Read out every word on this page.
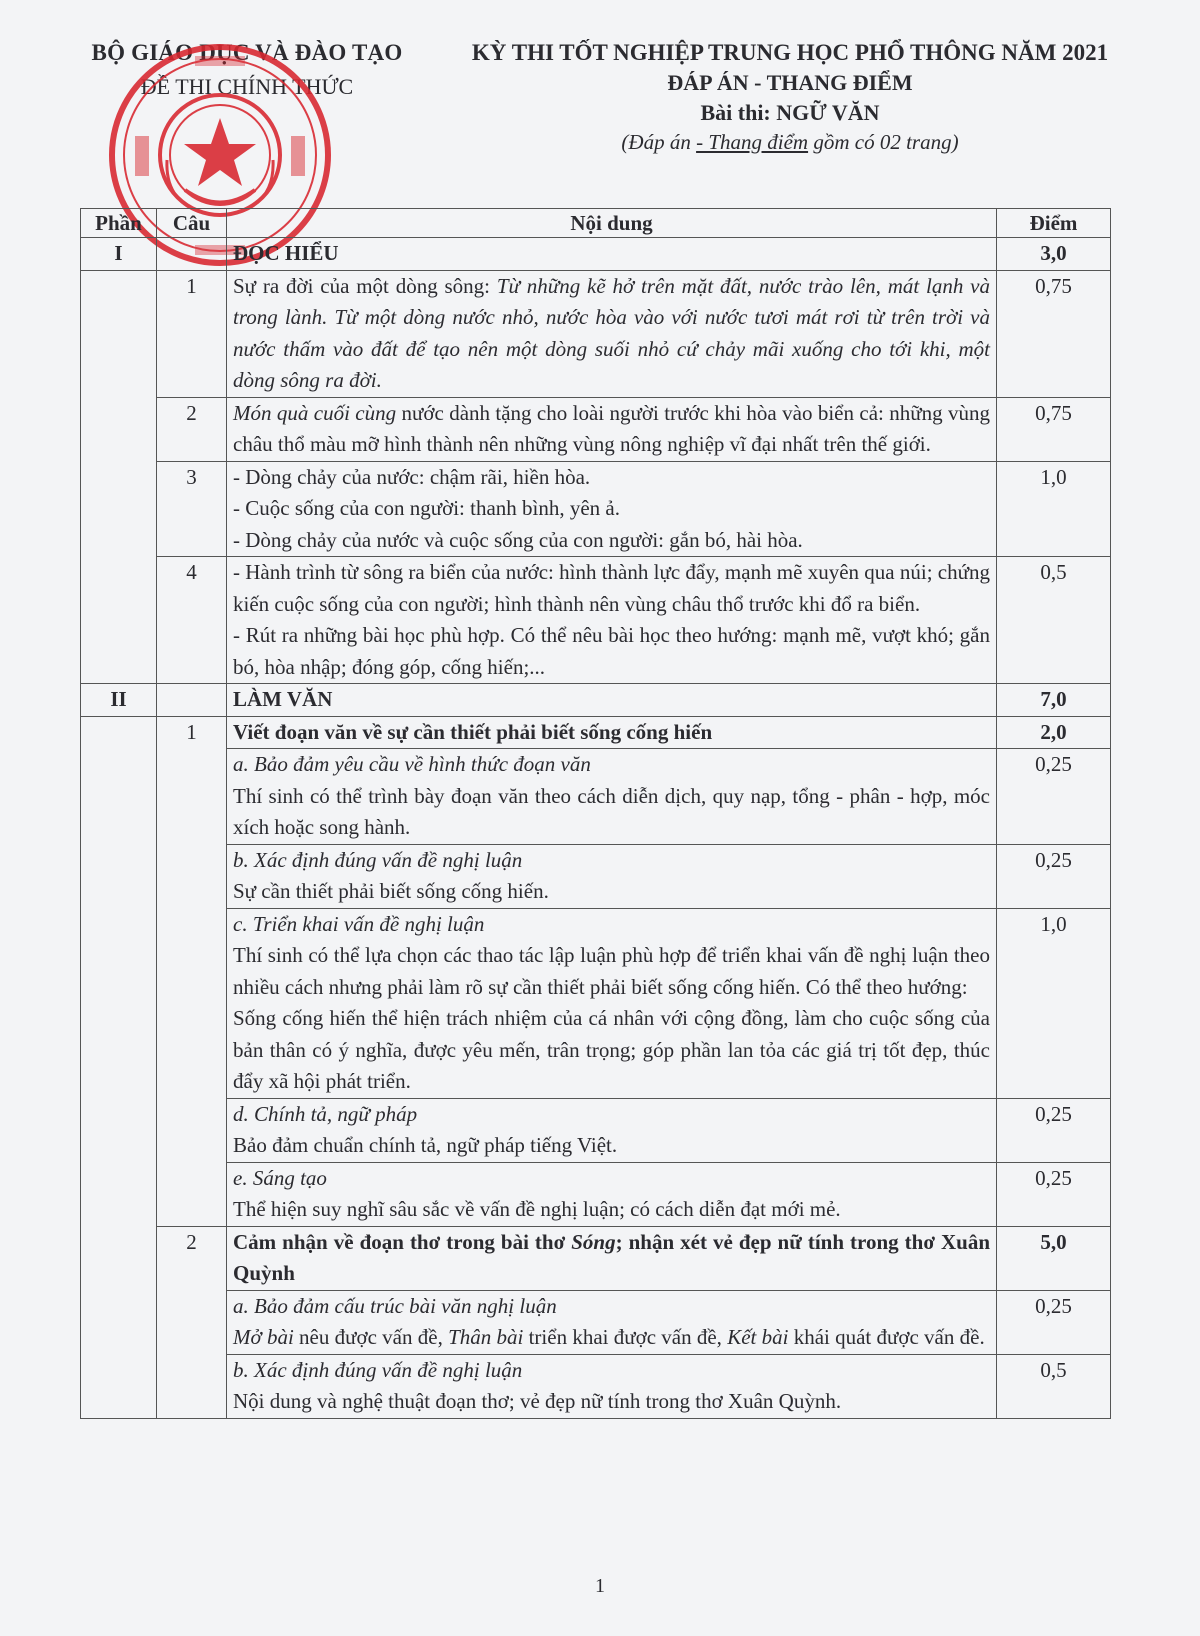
BỘ GIÁO DỤC VÀ ĐÀO TẠO
ĐỀ THI CHÍNH THỨC
KỲ THI TỐT NGHIỆP TRUNG HỌC PHỔ THÔNG NĂM 2021
ĐÁP ÁN - THANG ĐIỂM
Bài thi: NGỮ VĂN
(Đáp án - Thang điểm gồm có 02 trang)
Phần	Câu	Nội dung	Điểm
I		ĐỌC HIỂU	3,0
	1	Sự ra đời của một dòng sông: Từ những kẽ hở trên mặt đất, nước trào lên, mát lạnh và trong lành. Từ một dòng nước nhỏ, nước hòa vào với nước tươi mát rơi từ trên trời và nước thấm vào đất để tạo nên một dòng suối nhỏ cứ chảy mãi xuống cho tới khi, một dòng sông ra đời.	0,75
	2	Món quà cuối cùng nước dành tặng cho loài người trước khi hòa vào biển cả: những vùng châu thổ màu mỡ hình thành nên những vùng nông nghiệp vĩ đại nhất trên thế giới.	0,75
	3	- Dòng chảy của nước: chậm rãi, hiền hòa.
- Cuộc sống của con người: thanh bình, yên ả.
- Dòng chảy của nước và cuộc sống của con người: gắn bó, hài hòa.	1,0
	4	- Hành trình từ sông ra biển của nước: hình thành lực đẩy, mạnh mẽ xuyên qua núi; chứng kiến cuộc sống của con người; hình thành nên vùng châu thổ trước khi đổ ra biển.
- Rút ra những bài học phù hợp. Có thể nêu bài học theo hướng: mạnh mẽ, vượt khó; gắn bó, hòa nhập; đóng góp, cống hiến;...	0,5
II		LÀM VĂN	7,0
	1	Viết đoạn văn về sự cần thiết phải biết sống cống hiến	2,0

		a. Bảo đảm yêu cầu về hình thức đoạn văn
Thí sinh có thể trình bày đoạn văn theo cách diễn dịch, quy nạp, tổng - phân - hợp, móc xích hoặc song hành.	0,25

		b. Xác định đúng vấn đề nghị luận
Sự cần thiết phải biết sống cống hiến.	0,25

		c. Triển khai vấn đề nghị luận
Thí sinh có thể lựa chọn các thao tác lập luận phù hợp để triển khai vấn đề nghị luận theo nhiều cách nhưng phải làm rõ sự cần thiết phải biết sống cống hiến. Có thể theo hướng:
Sống cống hiến thể hiện trách nhiệm của cá nhân với cộng đồng, làm cho cuộc sống của bản thân có ý nghĩa, được yêu mến, trân trọng; góp phần lan tỏa các giá trị tốt đẹp, thúc đẩy xã hội phát triển.	1,0

		d. Chính tả, ngữ pháp
Bảo đảm chuẩn chính tả, ngữ pháp tiếng Việt.	0,25

		e. Sáng tạo
Thể hiện suy nghĩ sâu sắc về vấn đề nghị luận; có cách diễn đạt mới mẻ.	0,25
	2	Cảm nhận về đoạn thơ trong bài thơ Sóng; nhận xét vẻ đẹp nữ tính trong thơ Xuân Quỳnh	5,0

		a. Bảo đảm cấu trúc bài văn nghị luận
Mở bài nêu được vấn đề, Thân bài triển khai được vấn đề, Kết bài khái quát được vấn đề.	0,25

		b. Xác định đúng vấn đề nghị luận
Nội dung và nghệ thuật đoạn thơ; vẻ đẹp nữ tính trong thơ Xuân Quỳnh.	0,5
1
